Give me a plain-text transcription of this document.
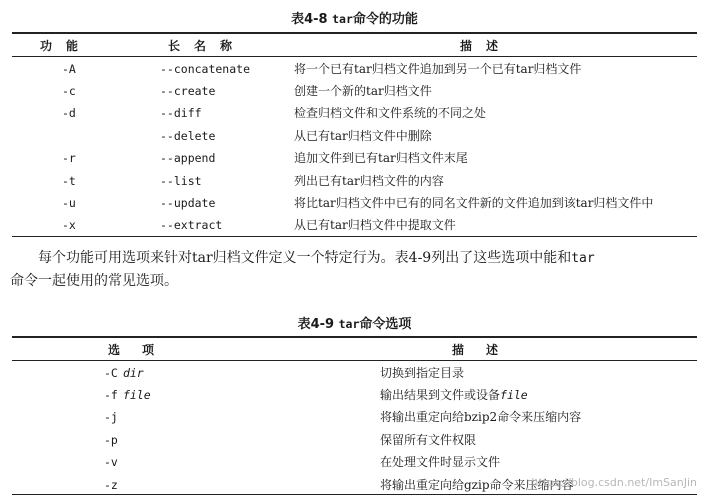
表4-8 tar命令的功能
功能	长名称	描述
	-A	--concatenate	将一个已有tar归档文件追加到另一个已有tar归档文件
	-c	--create	创建一个新的tar归档文件
	-d	--diff	检查归档文件和文件系统的不同之处
		--delete	从已有tar归档文件中删除
	-r	--append	追加文件到已有tar归档文件末尾
	-t	--list	列出已有tar归档文件的内容
	-u	--update	将比tar归档文件中已有的同名文件新的文件追加到该tar归档文件中
	-x	--extract	从已有tar归档文件中提取文件
每个功能可用选项来针对tar归档文件定义一个特定行为。表4-9列出了这些选项中能和tar
命令一起使用的常见选项。
表4-9 tar命令选项
选项	描述
	-C dir	切换到指定目录
	-f file	输出结果到文件或设备file
	-j	将输出重定向给bzip2命令来压缩内容
	-p	保留所有文件权限
	-v	在处理文件时显示文件
	-z	将输出重定向给gzip命令来压缩内容
https://blog.csdn.net/ImSanJin
